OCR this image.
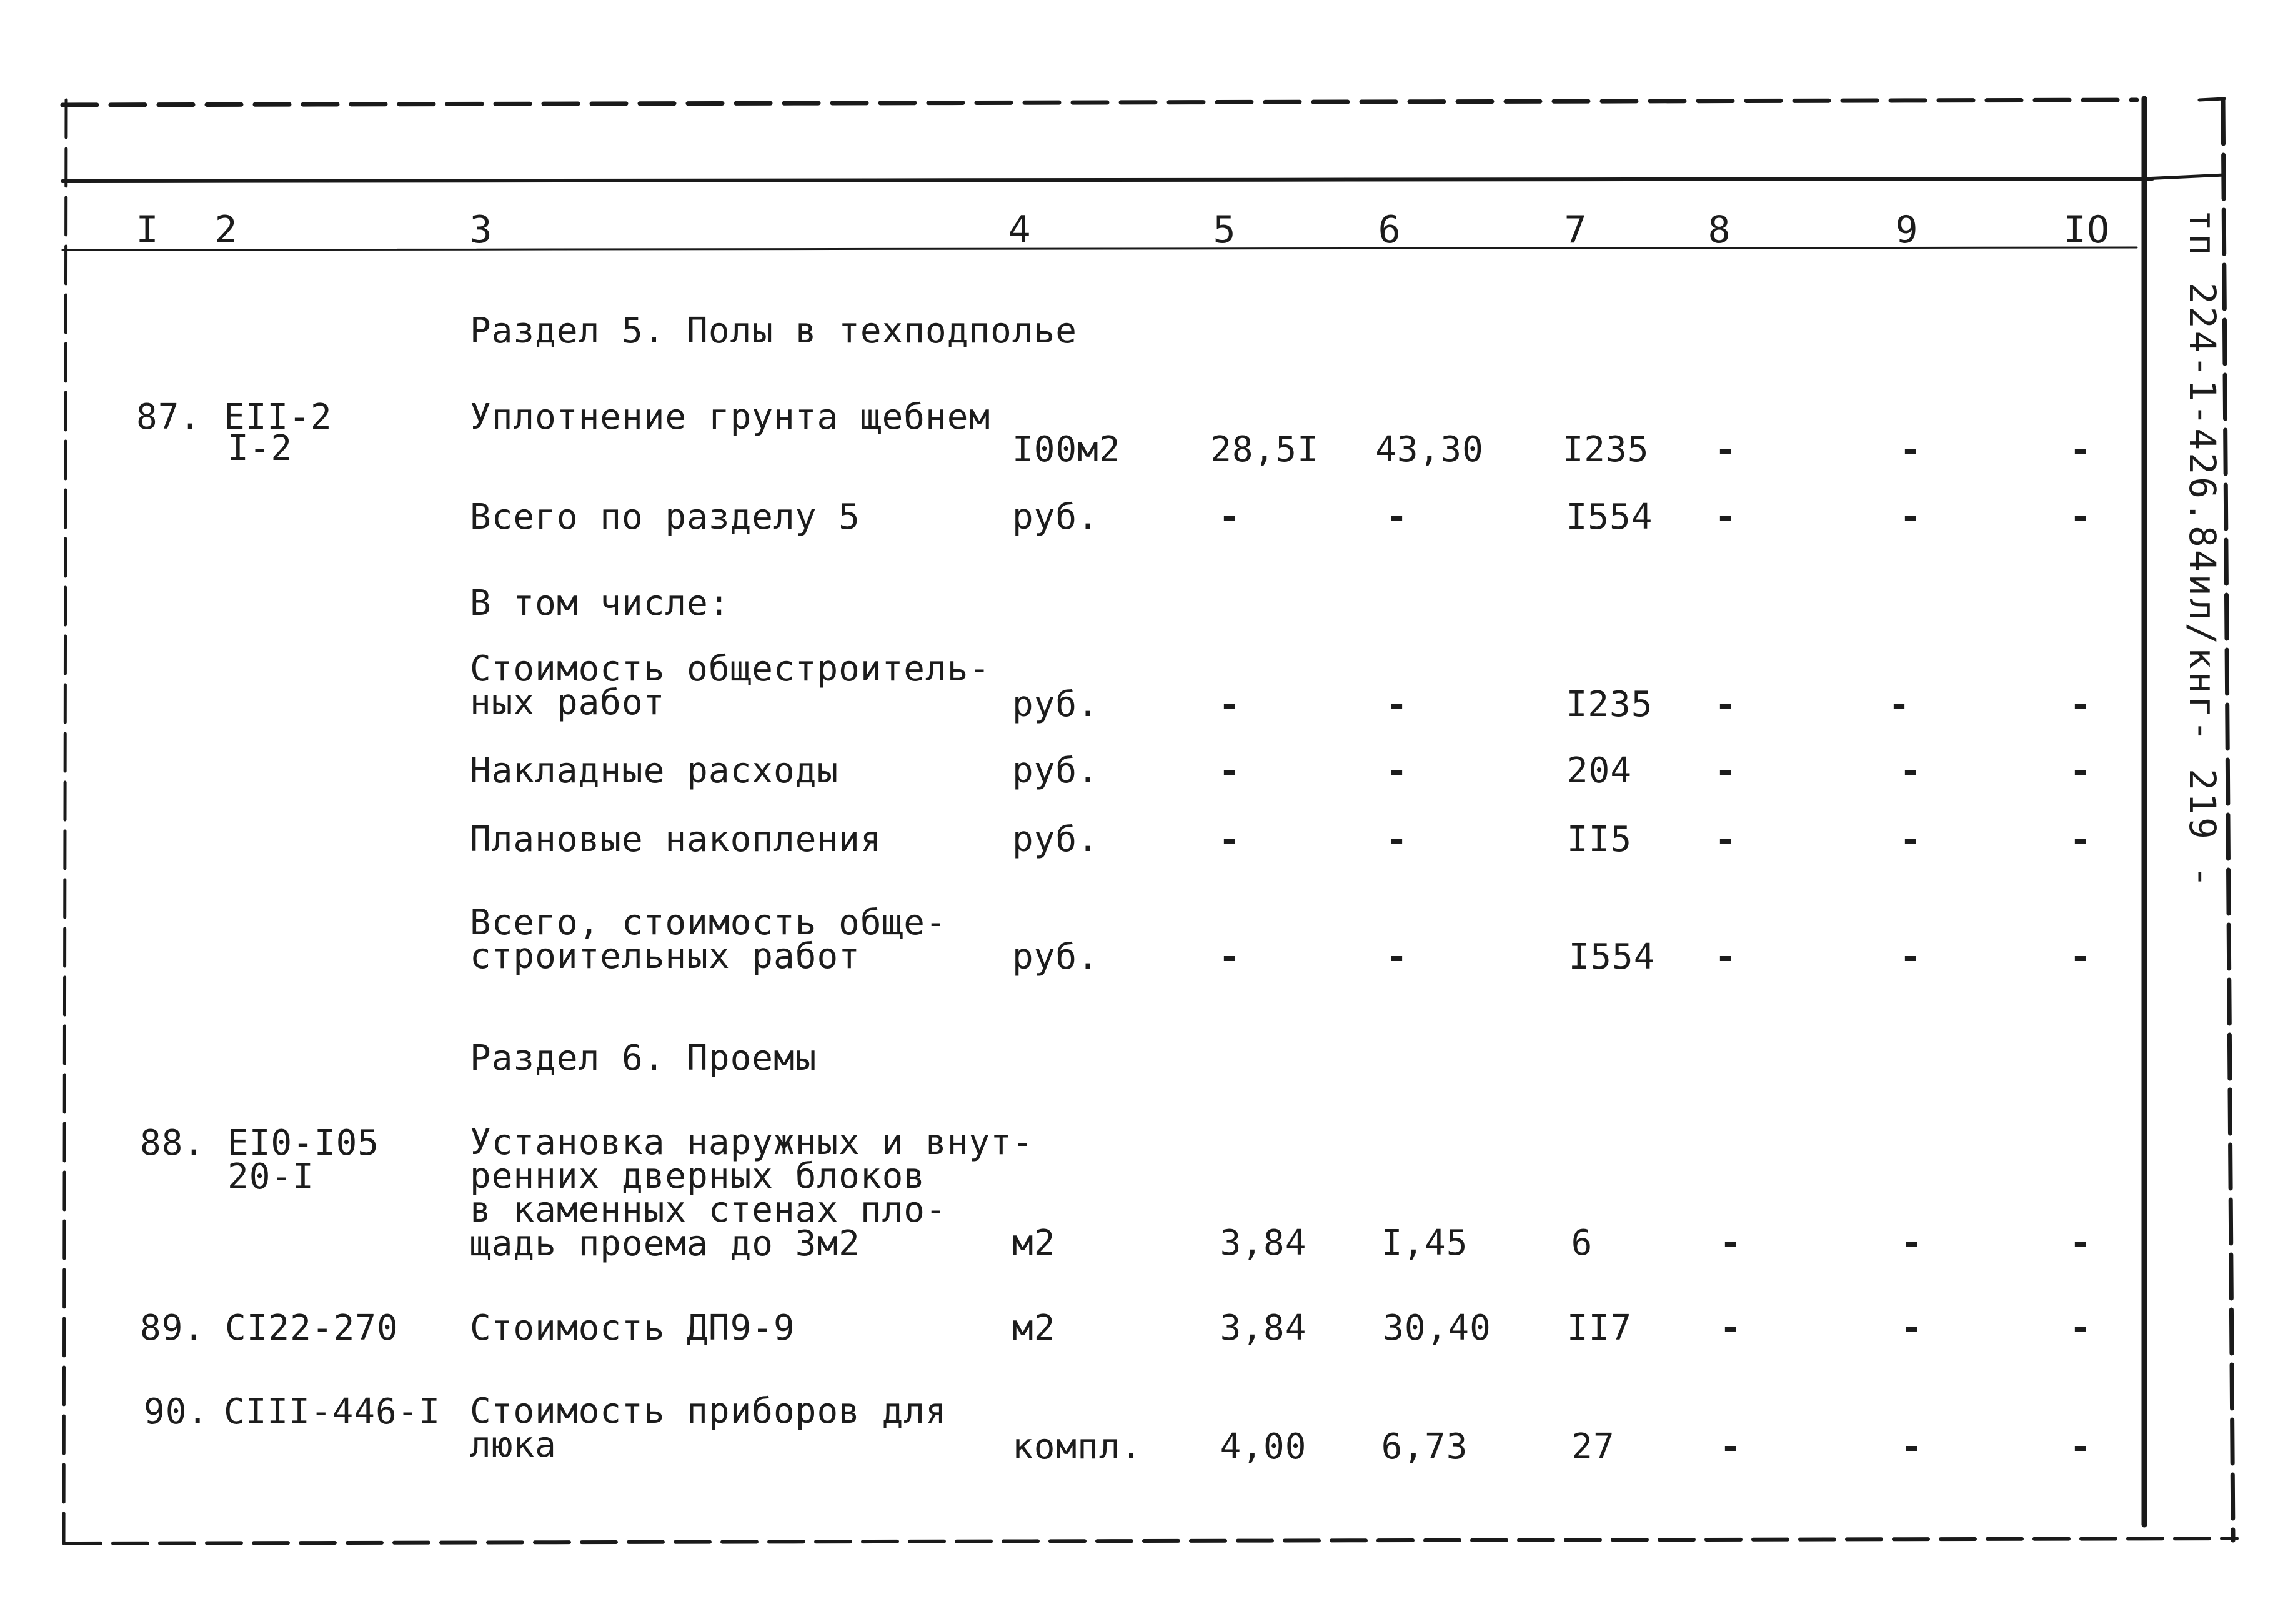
I 2	3	4	5	6	7	8	9	IO
Раздел 5. Полы в техподполье
87. EII-2
I-2
Уплотнение грунта щебнем
I00м2	28,5I 43,30 I235 -	-	-
Всего по разделу 5	руб.	-	-	I554 -	-	-
В том числе:
Стоимость общестроитель-
ных работ	руб.	-	-	I235 -	-	-
Накладные расходы	руб.	-	-	204 -	-	-
Плановые накопления	руб.	-	-	II5 -	-	-
Всего, стоимость обще-
строительных работ	руб.	-	-	I554 -	-	-
Раздел 6. Проемы
88. EI0-I05
20-I
Установка наружных и внут-
ренних дверных блоков
в каменных стенах пло-
щадь проема до 3м2	м2	3,84 I,45	6	-	-	-
89. CI22-270 Стоимость ДП9-9	м2	3,84 30,40 II7	-	-	-
90. CIII-446-I Стоимость приборов для
люка	компл. 4,00 6,73	27	-	-	-
тп 224-1-426.84ил/кнг- 219 -
